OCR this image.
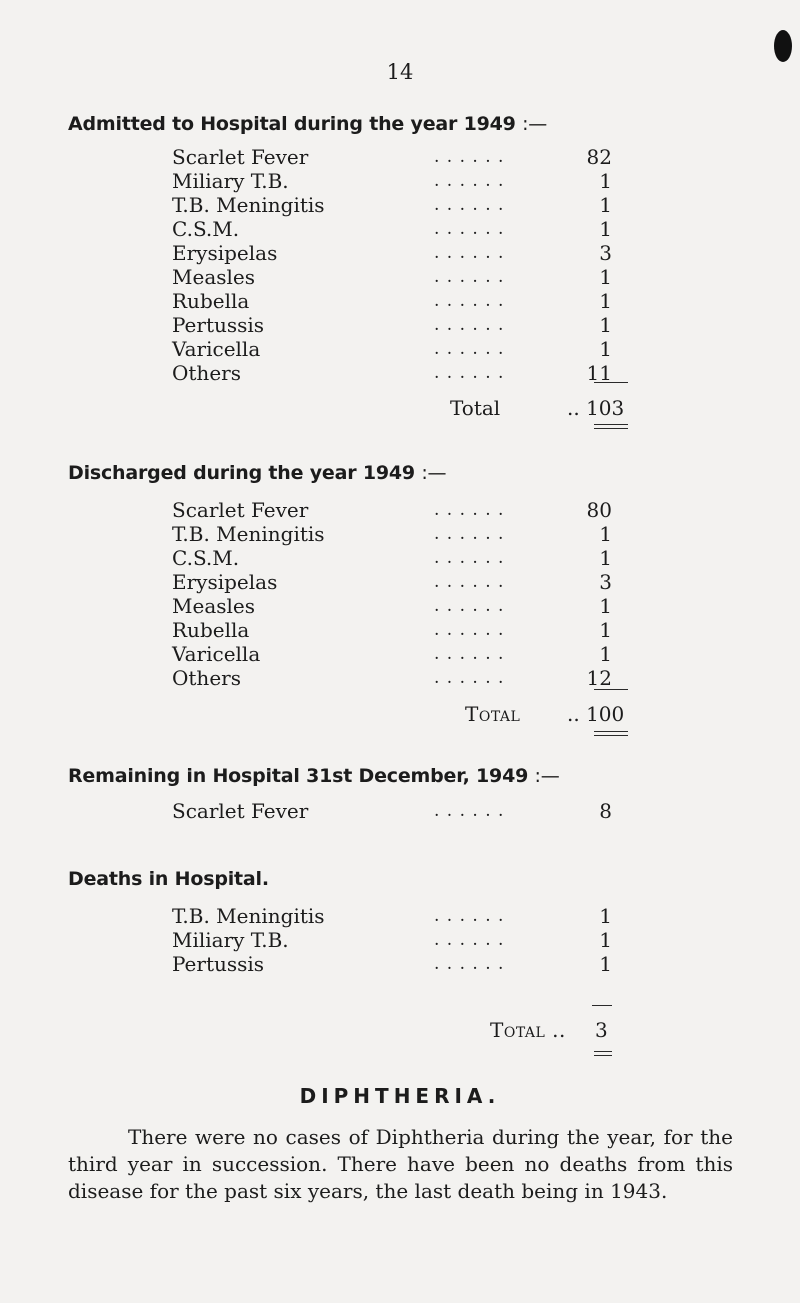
14
Admitted to Hospital during the year 1949 :—
Scarlet Fever	. . . . . .	82
Miliary T.B.	. . . . . .	1
T.B. Meningitis	. . . . . .	1
C.S.M.	. . . . . .	1
Erysipelas	. . . . . .	3
Measles	. . . . . .	1
Rubella	. . . . . .	1
Pertussis	. . . . . .	1
Varicella	. . . . . .	1
Others	. . . . . .	11
Total	.. 103
Discharged during the year 1949 :—
Scarlet Fever	. . . . . .	80
T.B. Meningitis	. . . . . .	1
C.S.M.	. . . . . .	1
Erysipelas	. . . . . .	3
Measles	. . . . . .	1
Rubella	. . . . . .	1
Varicella	. . . . . .	1
Others	. . . . . .	12
Total .. 100
Remaining in Hospital 31st December, 1949 :—
Scarlet Fever	. . . . . .	8
Deaths in Hospital.
T.B. Meningitis	. . . . . .	1
Miliary T.B.	. . . . . .	1
Pertussis	. . . . . .	1
Total .. 3
DIPHTHERIA.
There were no cases of Diphtheria during the year, for the third year in succession. There have been no deaths from this disease for the past six years, the last death being in 1943.
